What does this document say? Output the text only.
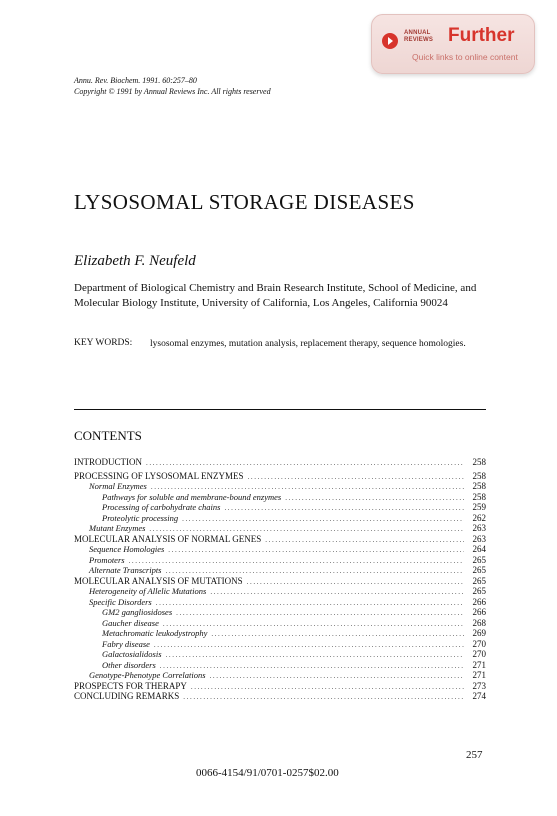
ANNUAL
REVIEWS Further
Quick links to online content
Annu. Rev. Biochem. 1991. 60:257–80
Copyright © 1991 by Annual Reviews Inc. All rights reserved
LYSOSOMAL STORAGE DISEASES
Elizabeth F. Neufeld
Department of Biological Chemistry and Brain Research Institute, School of Medicine, and Molecular Biology Institute, University of California, Los Angeles, California 90024
KEY WORDS: lysosomal enzymes, mutation analysis, replacement therapy, sequence homologies.
CONTENTS
INTRODUCTION .....	258
PROCESSING OF LYSOSOMAL ENZYMES .....	258
Normal Enzymes .....	258
Pathways for soluble and membrane-bound enzymes .....	258
Processing of carbohydrate chains .....	259
Proteolytic processing .....	262
Mutant Enzymes .....	263
MOLECULAR ANALYSIS OF NORMAL GENES .....	263
Sequence Homologies .....	264
Promoters .....	265
Alternate Transcripts .....	265
MOLECULAR ANALYSIS OF MUTATIONS .....	265
Heterogeneity of Allelic Mutations .....	265
Specific Disorders .....	266
GM2 gangliosidoses .....	266
Gaucher disease .....	268
Metachromatic leukodystrophy .....	269
Fabry disease .....	270
Galactosialidosis .....	270
Other disorders .....	271
Genotype-Phenotype Correlations .....	271
PROSPECTS FOR THERAPY .....	273
CONCLUDING REMARKS .....	274
257
0066-4154/91/0701-0257$02.00
